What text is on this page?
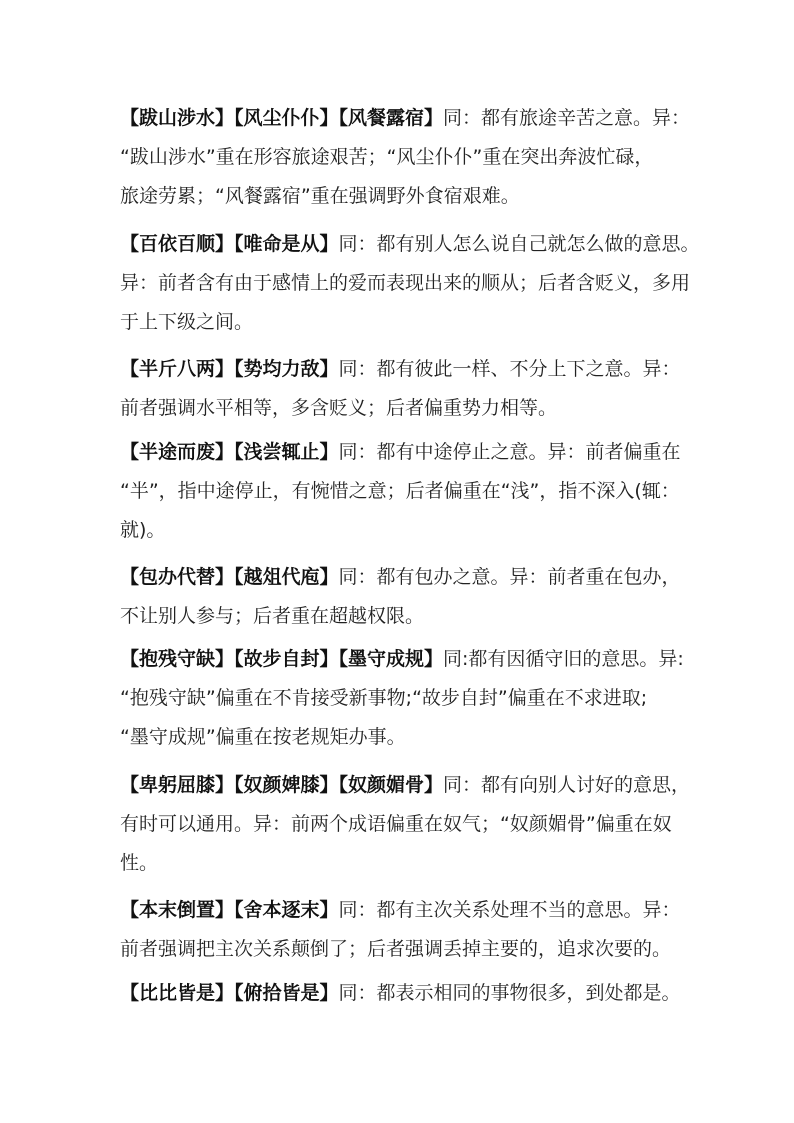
【跋山涉水】【风尘仆仆】【风餐露宿】同：都有旅途辛苦之意。异：
“跋山涉水”重在形容旅途艰苦；“风尘仆仆”重在突出奔波忙碌，
旅途劳累；“风餐露宿”重在强调野外食宿艰难。
【百依百顺】【唯命是从】同：都有别人怎么说自己就怎么做的意思。
异：前者含有由于感情上的爱而表现出来的顺从；后者含贬义，多用
于上下级之间。
【半斤八两】【势均力敌】同：都有彼此一样、不分上下之意。异：
前者强调水平相等，多含贬义；后者偏重势力相等。
【半途而废】【浅尝辄止】同：都有中途停止之意。异：前者偏重在
“半”，指中途停止，有惋惜之意；后者偏重在“浅”，指不深入(辄：
就)。
【包办代替】【越俎代庖】同：都有包办之意。异：前者重在包办，
不让别人参与；后者重在超越权限。
【抱残守缺】【故步自封】【墨守成规】同:都有因循守旧的意思。异:
“抱残守缺”偏重在不肯接受新事物;“故步自封”偏重在不求进取;
“墨守成规”偏重在按老规矩办事。
【卑躬屈膝】【奴颜婢膝】【奴颜媚骨】同：都有向别人讨好的意思，
有时可以通用。异：前两个成语偏重在奴气；“奴颜媚骨”偏重在奴
性。
【本末倒置】【舍本逐末】同：都有主次关系处理不当的意思。异：
前者强调把主次关系颠倒了；后者强调丢掉主要的，追求次要的。
【比比皆是】【俯拾皆是】同：都表示相同的事物很多，到处都是。
